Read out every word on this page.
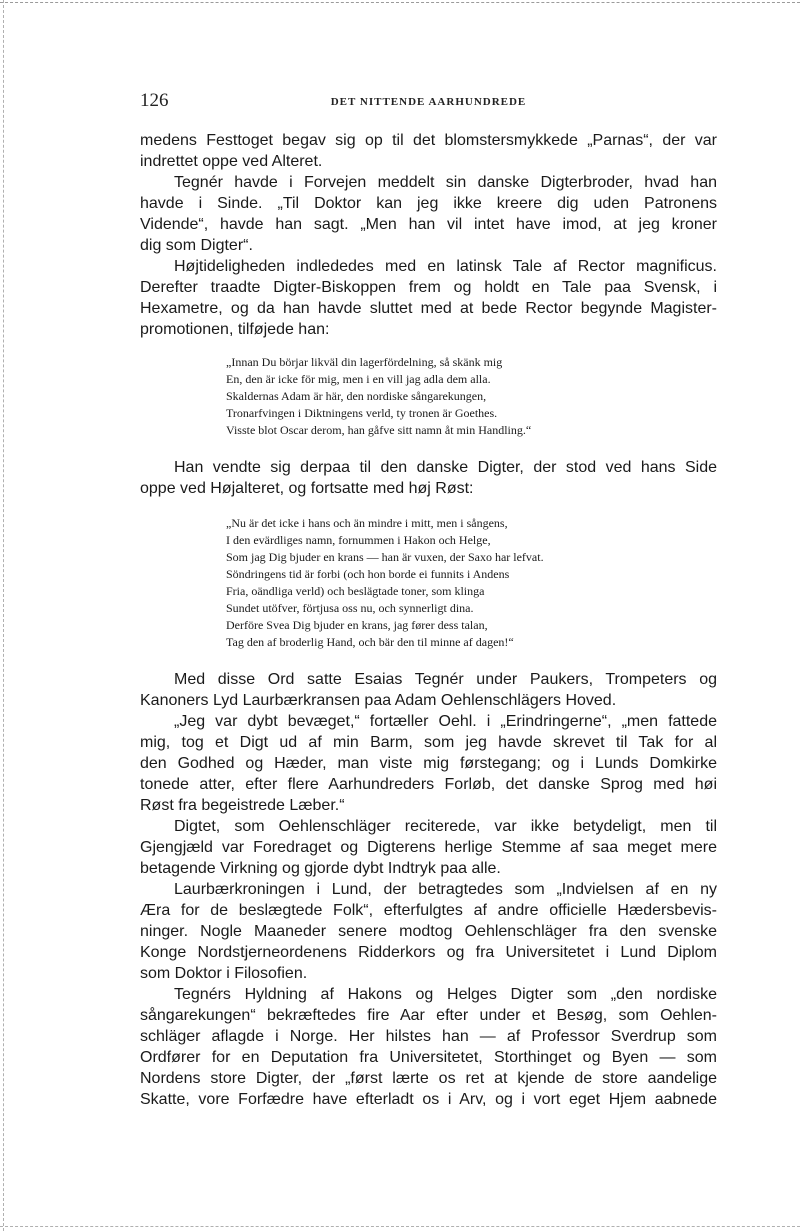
126	DET NITTENDE AARHUNDREDE
medens Festtoget begav sig op til det blomstersmykkede „Parnas“, der var
indrettet oppe ved Alteret.
Tegnér havde i Forvejen meddelt sin danske Digterbroder, hvad han
havde i Sinde. „Til Doktor kan jeg ikke kreere dig uden Patronens
Vidende“, havde han sagt. „Men han vil intet have imod, at jeg kroner
dig som Digter“.
Højtideligheden indlededes med en latinsk Tale af Rector magnificus.
Derefter traadte Digter-Biskoppen frem og holdt en Tale paa Svensk, i
Hexametre, og da han havde sluttet med at bede Rector begynde Magister-
promotionen, tilføjede han:
„Innan Du börjar likväl din lagerfördelning, så skänk mig
En, den är icke för mig, men i en vill jag adla dem alla.
Skaldernas Adam är här, den nordiske sångarekungen,
Tronarfvingen i Diktningens verld, ty tronen är Goethes.
Visste blot Oscar derom, han gåfve sitt namn åt min Handling.“
Han vendte sig derpaa til den danske Digter, der stod ved hans Side
oppe ved Højalteret, og fortsatte med høj Røst:
„Nu är det icke i hans och än mindre i mitt, men i sångens,
I den evärdliges namn, fornummen i Hakon och Helge,
Som jag Dig bjuder en krans — han är vuxen, der Saxo har lefvat.
Söndringens tid är forbi (och hon borde ei funnits i Andens
Fria, oändliga verld) och beslägtade toner, som klinga
Sundet utöfver, förtjusa oss nu, och synnerligt dina.
Derföre Svea Dig bjuder en krans, jag fører dess talan,
Tag den af broderlig Hand, och bär den til minne af dagen!“
Med disse Ord satte Esaias Tegnér under Paukers, Trompeters og
Kanoners Lyd Laurbærkransen paa Adam Oehlenschlägers Hoved.
„Jeg var dybt bevæget,“ fortæller Oehl. i „Erindringerne“, „men fattede
mig, tog et Digt ud af min Barm, som jeg havde skrevet til Tak for al
den Godhed og Hæder, man viste mig førstegang; og i Lunds Domkirke
tonede atter, efter flere Aarhundreders Forløb, det danske Sprog med høi
Røst fra begeistrede Læber.“
Digtet, som Oehlenschläger reciterede, var ikke betydeligt, men til
Gjengjæld var Foredraget og Digterens herlige Stemme af saa meget mere
betagende Virkning og gjorde dybt Indtryk paa alle.
Laurbærkroningen i Lund, der betragtedes som „Indvielsen af en ny
Æra for de beslægtede Folk“, efterfulgtes af andre officielle Hædersbevis-
ninger. Nogle Maaneder senere modtog Oehlenschläger fra den svenske
Konge Nordstjerneordenens Ridderkors og fra Universitetet i Lund Diplom
som Doktor i Filosofien.
Tegnérs Hyldning af Hakons og Helges Digter som „den nordiske
sångarekungen“ bekræftedes fire Aar efter under et Besøg, som Oehlen-
schläger aflagde i Norge. Her hilstes han — af Professor Sverdrup som
Ordfører for en Deputation fra Universitetet, Storthinget og Byen — som
Nordens store Digter, der „først lærte os ret at kjende de store aandelige
Skatte, vore Forfædre have efterladt os i Arv, og i vort eget Hjem aabnede
